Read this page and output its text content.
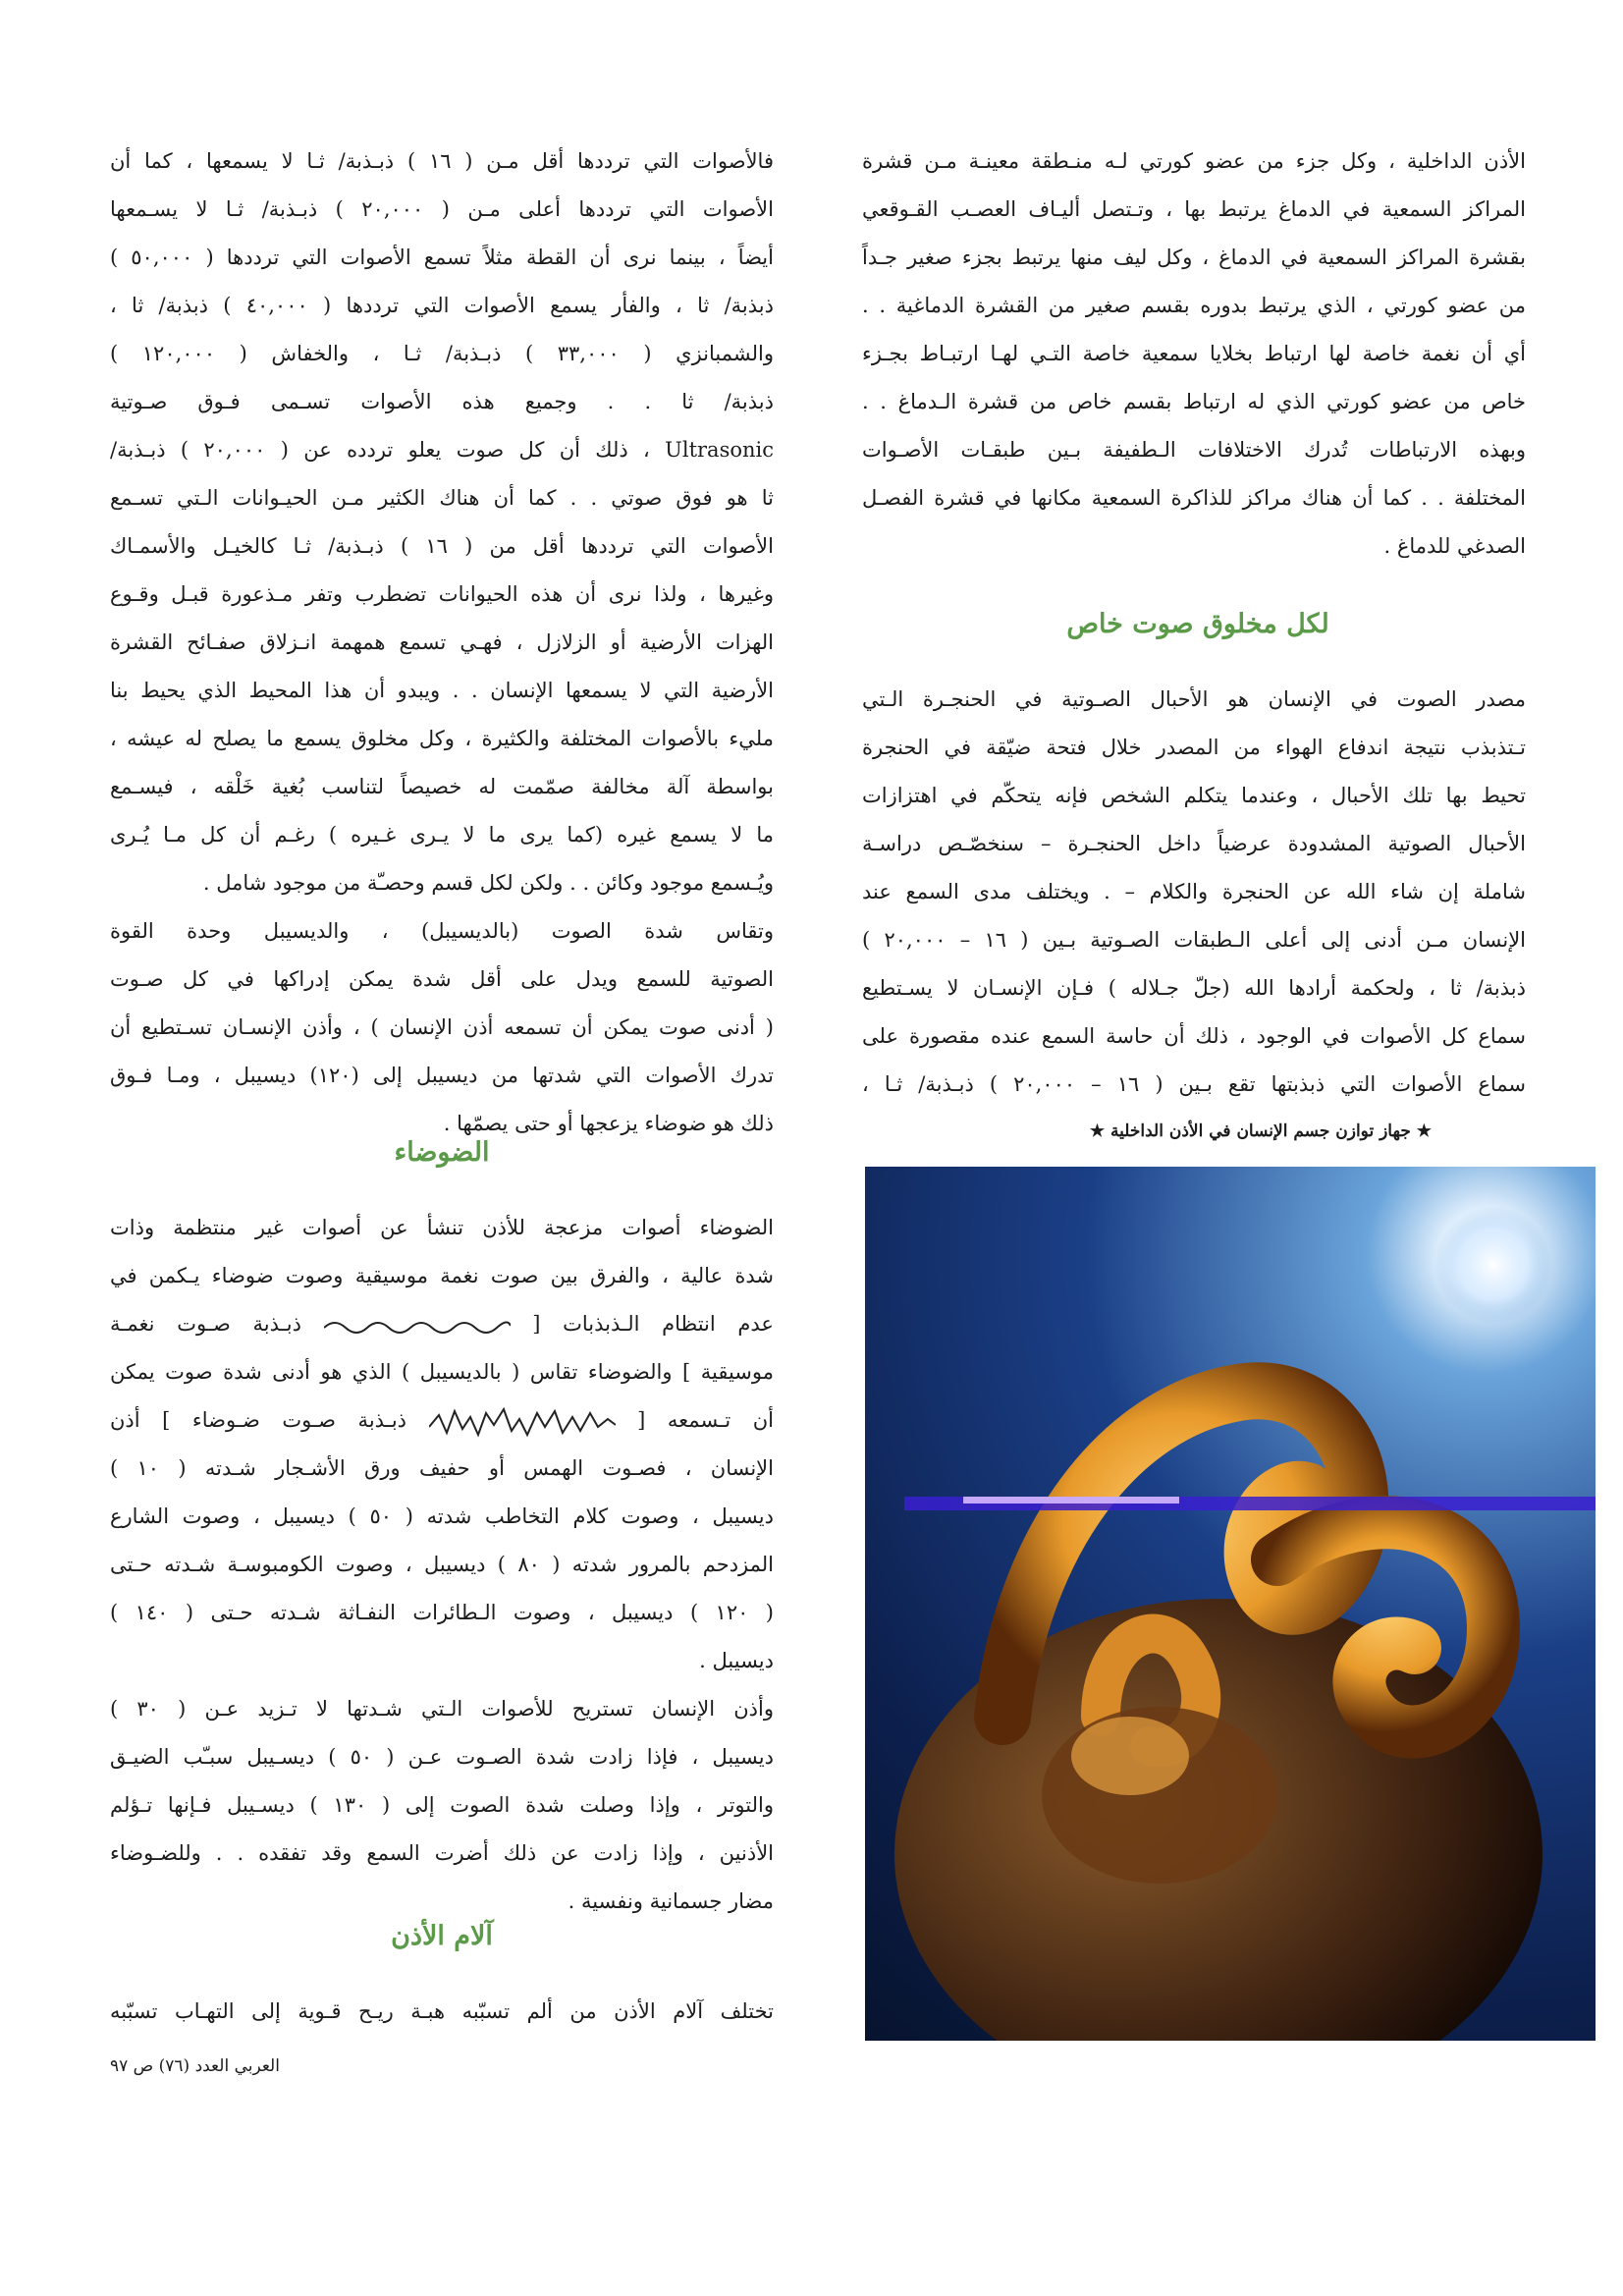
الأذن الداخلية ، وكل جزء من عضو كورتي لـه منـطقة معينـة مـن قشرة
المراكز السمعية في الدماغ يرتبط بها ، وتـتصل أليـاف العصـب القـوقعي
بقشرة المراكز السمعية في الدماغ ، وكل ليف منها يرتبط بجزء صغير جـداً
من عضو كورتي ، الذي يرتبط بدوره بقسم صغير من القشرة الدماغية . .
أي أن نغمة خاصة لها ارتباط بخلايا سمعية خاصة التـي لهـا ارتبـاط بجـزء
خاص من عضو كورتي الذي له ارتباط بقسم خاص من قشرة الـدماغ . .
وبهذه الارتباطات تُدرك الاختلافات الـطفيفة بـين طبقـات الأصـوات
المختلفة . . كما أن هناك مراكز للذاكرة السمعية مكانها في قشرة الفصـل
الصدغي للدماغ .

لكل مخلوق صوت خاص

مصدر الصوت في الإنسان هو الأحبال الصـوتية في الحنجـرة الـتي
تـتذبذب نتيجة اندفاع الهواء من المصدر خلال فتحة ضيّقة في الحنجرة
تحيط بها تلك الأحبال ، وعندما يتكلم الشخص فإنه يتحكّم في اهتزازات
الأحبال الصوتية المشدودة عرضياً داخل الحنجـرة – سنخصّـص دراسـة
شاملة إن شاء الله عن الحنجرة والكلام – . ويختلف مدى السمع عند
الإنسان مـن أدنى إلى أعلى الـطبقات الصـوتية بـين ( ١٦ – ٢٠,٠٠٠ )
ذبذبة/ ثا ، ولحكمة أرادها الله (جلّ جـلاله ) فـإن الإنسـان لا يسـتطيع
سماع كل الأصوات في الوجود ، ذلك أن حاسة السمع عنده مقصورة على
سماع الأصوات التي ذبذبتها تقع بـين ( ١٦ – ٢٠,٠٠٠ ) ذبـذبة/ ثـا ،

★ جهاز توازن جسم الإنسان في الأذن الداخلية ★

فالأصوات التي ترددها أقل مـن ( ١٦ ) ذبـذبة/ ثـا لا يسمعها ، كما أن
الأصوات التي ترددها أعلى مـن ( ٢٠,٠٠٠ ) ذبـذبة/ ثـا لا يسـمعها
أيضاً ، بينما نرى أن القطة مثلاً تسمع الأصوات التي ترددها ( ٥٠,٠٠٠ )
ذبذبة/ ثا ، والفأر يسمع الأصوات التي ترددها ( ٤٠,٠٠٠ ) ذبذبة/ ثا ،
والشمبانزي ( ٣٣,٠٠٠ ) ذبـذبة/ ثـا ، والخفاش ( ١٢٠,٠٠٠ )
ذبذبة/ ثا . . وجميع هذه الأصوات تسـمى فـوق صـوتية
Ultrasonic ، ذلك أن كل صوت يعلو تردده عن ( ٢٠,٠٠٠ ) ذبـذبة/
ثا هو فوق صوتي . . كما أن هناك الكثير مـن الحيـوانات الـتي تسـمع
الأصوات التي ترددها أقل من ( ١٦ ) ذبـذبة/ ثـا كالخيـل والأسمـاك
وغيرها ، ولذا نرى أن هذه الحيوانات تضطرب وتفر مـذعورة قبـل وقـوع
الهزات الأرضية أو الزلازل ، فهـي تسمع همهمة انـزلاق صفـائح القشرة
الأرضية التي لا يسمعها الإنسان . . ويبدو أن هذا المحيط الذي يحيط بنا
مليء بالأصوات المختلفة والكثيرة ، وكل مخلوق يسمع ما يصلح له عيشه ،
بواسطة آلة مخالفة صمّمت له خصيصاً لتناسب بُغية خَلْقه ، فيسـمع
ما لا يسمع غيره (كما يرى ما لا يـرى غـيره ) رغـم أن كل مـا يُـرى
ويُـسمع موجود وكائن . . ولكن لكل قسم وحصـّة من موجود شامل .

وتقاس شدة الصوت (بالديسيبل) ، والديسيبل وحدة القوة
الصوتية للسمع ويدل على أقل شدة يمكن إدراكها في كل صـوت
( أدنى صوت يمكن أن تسمعه أذن الإنسان ) ، وأذن الإنسـان تسـتطيع أن
تدرك الأصوات التي شدتها من ديسيبل إلى (١٢٠) ديسيبل ، ومـا فـوق
ذلك هو ضوضاء يزعجها أو حتى يصمّها .

الضوضاء

الضوضاء أصوات مزعجة للأذن تنشأ عن أصوات غير منتظمة وذات
شدة عالية ، والفرق بين صوت نغمة موسيقية وصوت ضوضاء يـكمن في
عدم انتظام الـذبذبات [  ذبـذبة صـوت نغمـة
موسيقية ] والضوضاء تقاس ( بالديسيبل ) الذي هو أدنى شدة صوت يمكن
أن تـسمعه [  ذبـذبة صـوت ضـوضاء ] أذن
الإنسان ، فصـوت الهمس أو حفيف ورق الأشـجار شـدته ( ١٠ )
ديسيبل ، وصوت كلام التخاطب شدته ( ٥٠ ) ديسيبل ، وصوت الشارع
المزدحم بالمرور شدته ( ٨٠ ) ديسيبل ، وصوت الكومبوسـة شـدته حـتى
( ١٢٠ ) ديسيبل ، وصوت الـطائرات النفـاثة شـدته حـتى ( ١٤٠ )
ديسيبل .

وأذن الإنسان تستريح للأصوات الـتي شـدتها لا تـزيد عـن ( ٣٠ )
ديسيبل ، فإذا زادت شدة الصـوت عـن ( ٥٠ ) ديسـيبل سبـّب الضيـق
والتوتر ، وإذا وصلت شدة الصوت إلى ( ١٣٠ ) ديسـيبل فـإنها تـؤلم
الأذنين ، وإذا زادت عن ذلك أضرت السمع وقد تفقده . . وللضـوضاء
مضار جسمانية ونفسية .

آلام الأذن

تختلف آلام الأذن من ألم تسبّبه هبـة ريـح قـوية إلى التهـاب تسبّبه

العربي العدد (٧٦) ص ٩٧
